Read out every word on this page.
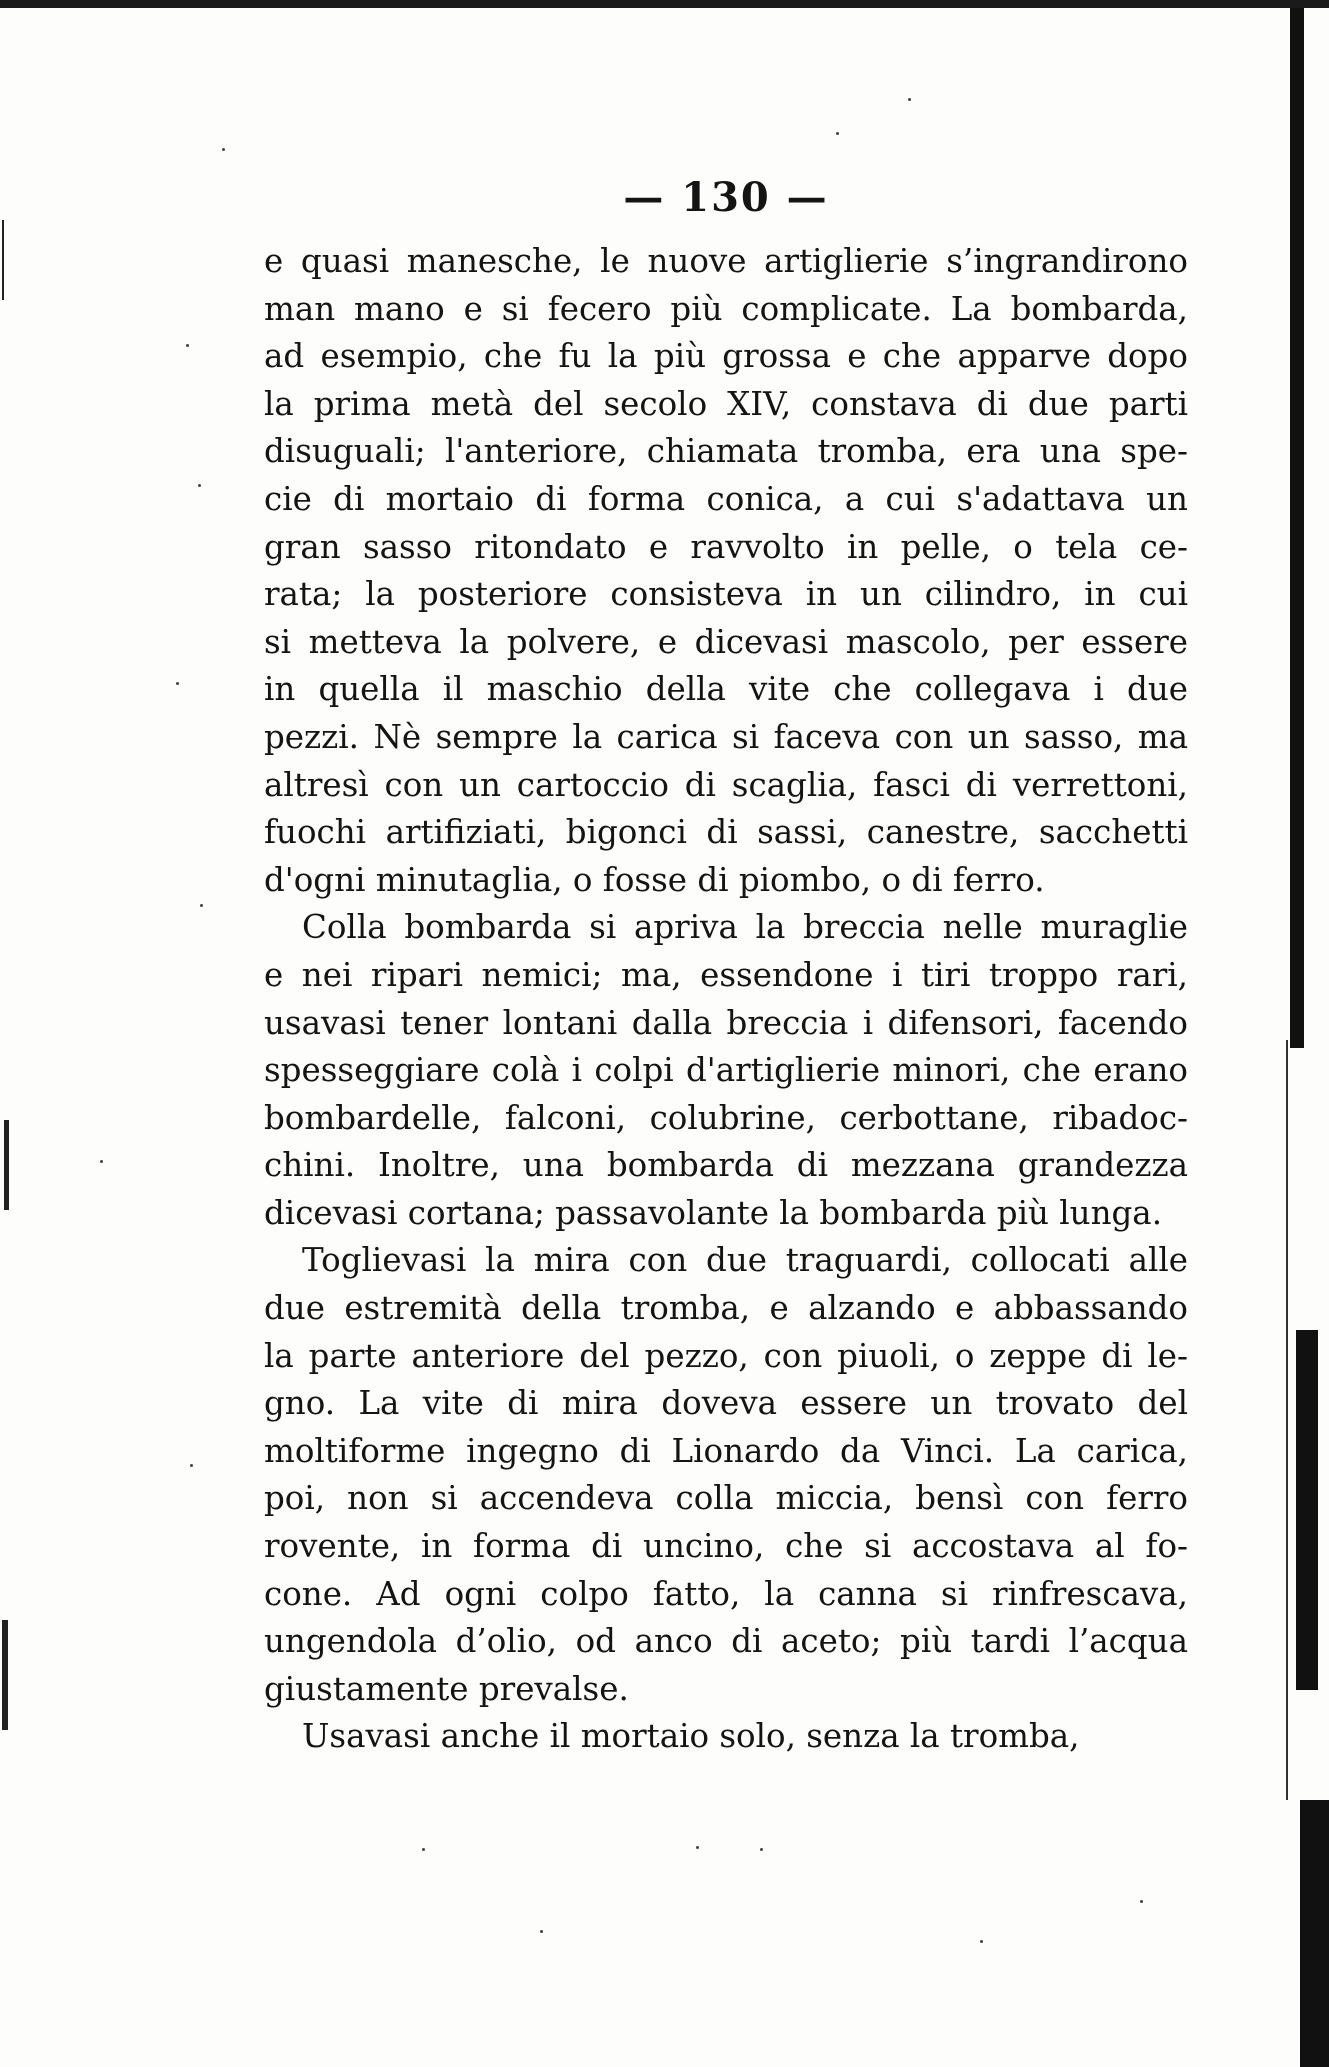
— 130 —
e quasi manesche, le nuove artiglierie s’ingrandirono
man mano e si fecero più complicate. La bombarda,
ad esempio, che fu la più grossa e che apparve dopo
la prima metà del secolo XIV, constava di due parti
disuguali; l'anteriore, chiamata tromba, era una spe-
cie di mortaio di forma conica, a cui s'adattava un
gran sasso ritondato e ravvolto in pelle, o tela ce-
rata; la posteriore consisteva in un cilindro, in cui
si metteva la polvere, e dicevasi mascolo, per essere
in quella il maschio della vite che collegava i due
pezzi. Nè sempre la carica si faceva con un sasso, ma
altresì con un cartoccio di scaglia, fasci di verrettoni,
fuochi artifiziati, bigonci di sassi, canestre, sacchetti
d'ogni minutaglia, o fosse di piombo, o di ferro.
Colla bombarda si apriva la breccia nelle muraglie
e nei ripari nemici; ma, essendone i tiri troppo rari,
usavasi tener lontani dalla breccia i difensori, facendo
spesseggiare colà i colpi d'artiglierie minori, che erano
bombardelle, falconi, colubrine, cerbottane, ribadoc-
chini. Inoltre, una bombarda di mezzana grandezza
dicevasi cortana; passavolante la bombarda più lunga.
Toglievasi la mira con due traguardi, collocati alle
due estremità della tromba, e alzando e abbassando
la parte anteriore del pezzo, con piuoli, o zeppe di le-
gno. La vite di mira doveva essere un trovato del
moltiforme ingegno di Lionardo da Vinci. La carica,
poi, non si accendeva colla miccia, bensì con ferro
rovente, in forma di uncino, che si accostava al fo-
cone. Ad ogni colpo fatto, la canna si rinfrescava,
ungendola d’olio, od anco di aceto; più tardi l’acqua
giustamente prevalse.
Usavasi anche il mortaio solo, senza la tromba,
